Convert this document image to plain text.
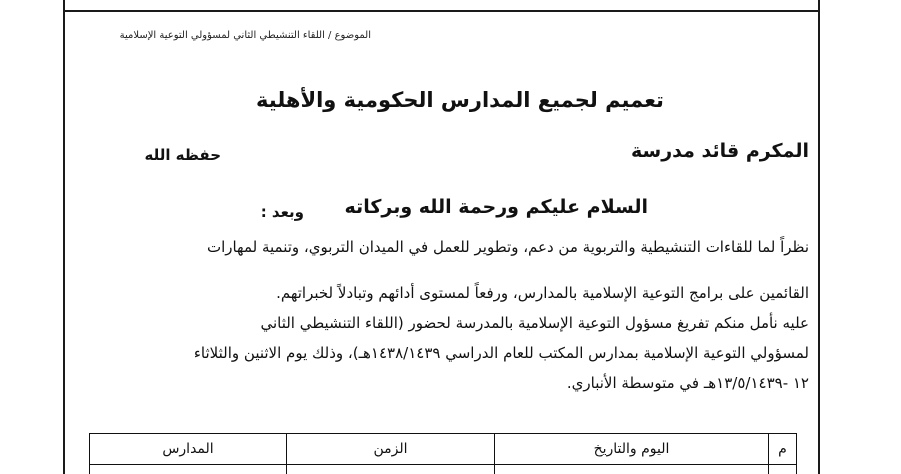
الموضوع / اللقاء التنشيطي الثاني لمسؤولي التوعية الإسلامية
تعميم لجميع المدارس الحكومية والأهلية
المكرم قائد مدرسة
حفظه الله
السلام عليكم ورحمة الله وبركاته
وبعد :
نظراً لما للقاءات التنشيطية والتربوية من دعم، وتطوير للعمل في الميدان التربوي، وتنمية لمهارات
القائمين على برامج التوعية الإسلامية بالمدارس، ورفعاً لمستوى أدائهم وتبادلاً لخبراتهم.
عليه نأمل منكم تفريغ مسؤول التوعية الإسلامية بالمدرسة لحضور (اللقاء التنشيطي الثاني
لمسؤولي التوعية الإسلامية بمدارس المكتب للعام الدراسي ١٤٣٨/١٤٣٩هـ)، وذلك يوم الاثنين والثلاثاء
١٢ -١٣/٥/١٤٣٩هـ في متوسطة الأنباري.
م
اليوم والتاريخ
الزمن
المدارس
